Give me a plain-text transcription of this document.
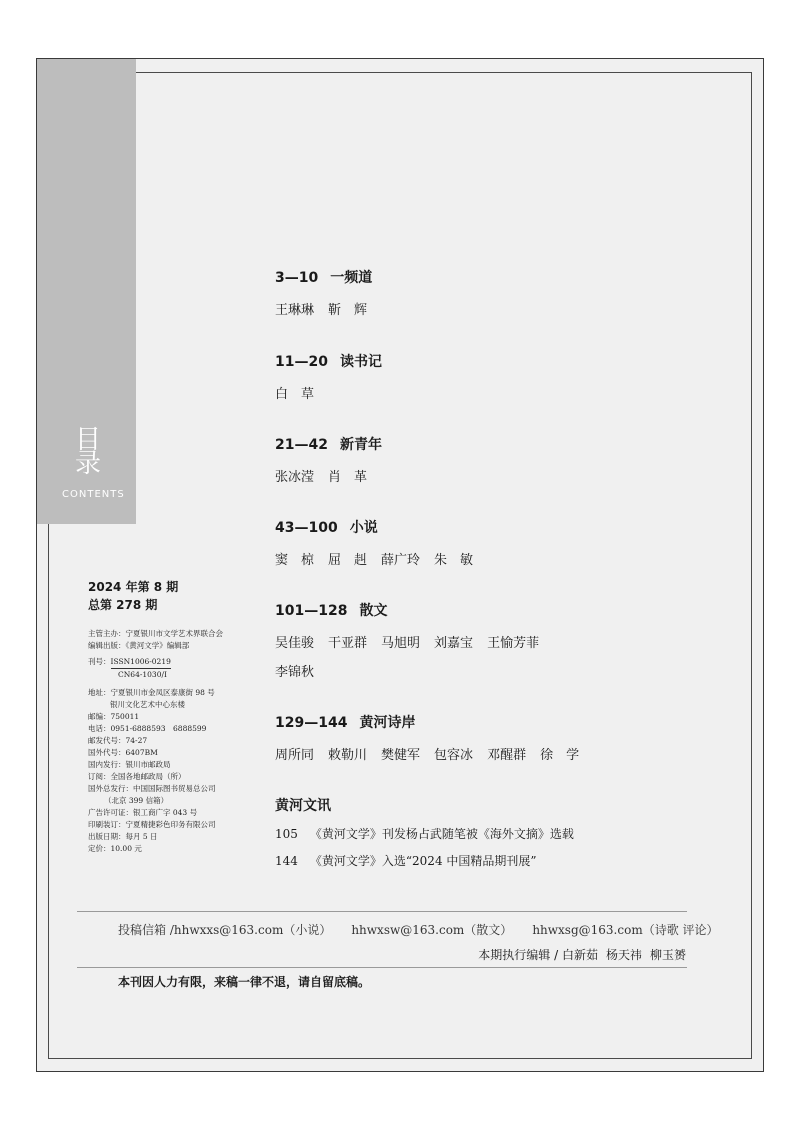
目
录
CONTENTS
3—10 一频道
王琳琳 靳　辉
11—20 读书记
白　草
21—42 新青年
张冰滢 肖　革
43—100 小说
窦　椋 屈　赳 薛广玲 朱　敏
101—128 散文
吴佳骏 干亚群 马旭明 刘嘉宝 王愉芳菲
李锦秋
129—144 黄河诗岸
周所同 敕勒川 樊健军 包容冰 邓醒群 徐　学
黄河文讯
105 《黄河文学》刊发杨占武随笔被《海外文摘》选载
144 《黄河文学》入选“2024 中国精品期刊展”
2024 年第 8 期
总第 278 期
主管主办：宁夏银川市文学艺术界联合会
编辑出版：《黄河文学》编辑部
刊号：ISSN1006-0219
CN64-1030/I
地址：宁夏银川市金凤区泰康街 98 号
银川文化艺术中心东楼
邮编：750011
电话：0951-6888593　6888599
邮发代号：74-27
国外代号：6407BM
国内发行：银川市邮政局
订阅：全国各地邮政局（所）
国外总发行：中国国际图书贸易总公司
（北京 399 信箱）
广告许可证：银工商广字 043 号
印刷装订：宁夏精捷彩色印务有限公司
出版日期：每月 5 日
定价：10.00 元
投稿信箱 /hhwxxs@163.com（小说） hhwxsw@163.com（散文） hhwxsg@163.com（诗歌 评论）
本期执行编辑 / 白新茹 杨天祎 柳玉赟
本刊因人力有限，来稿一律不退，请自留底稿。
